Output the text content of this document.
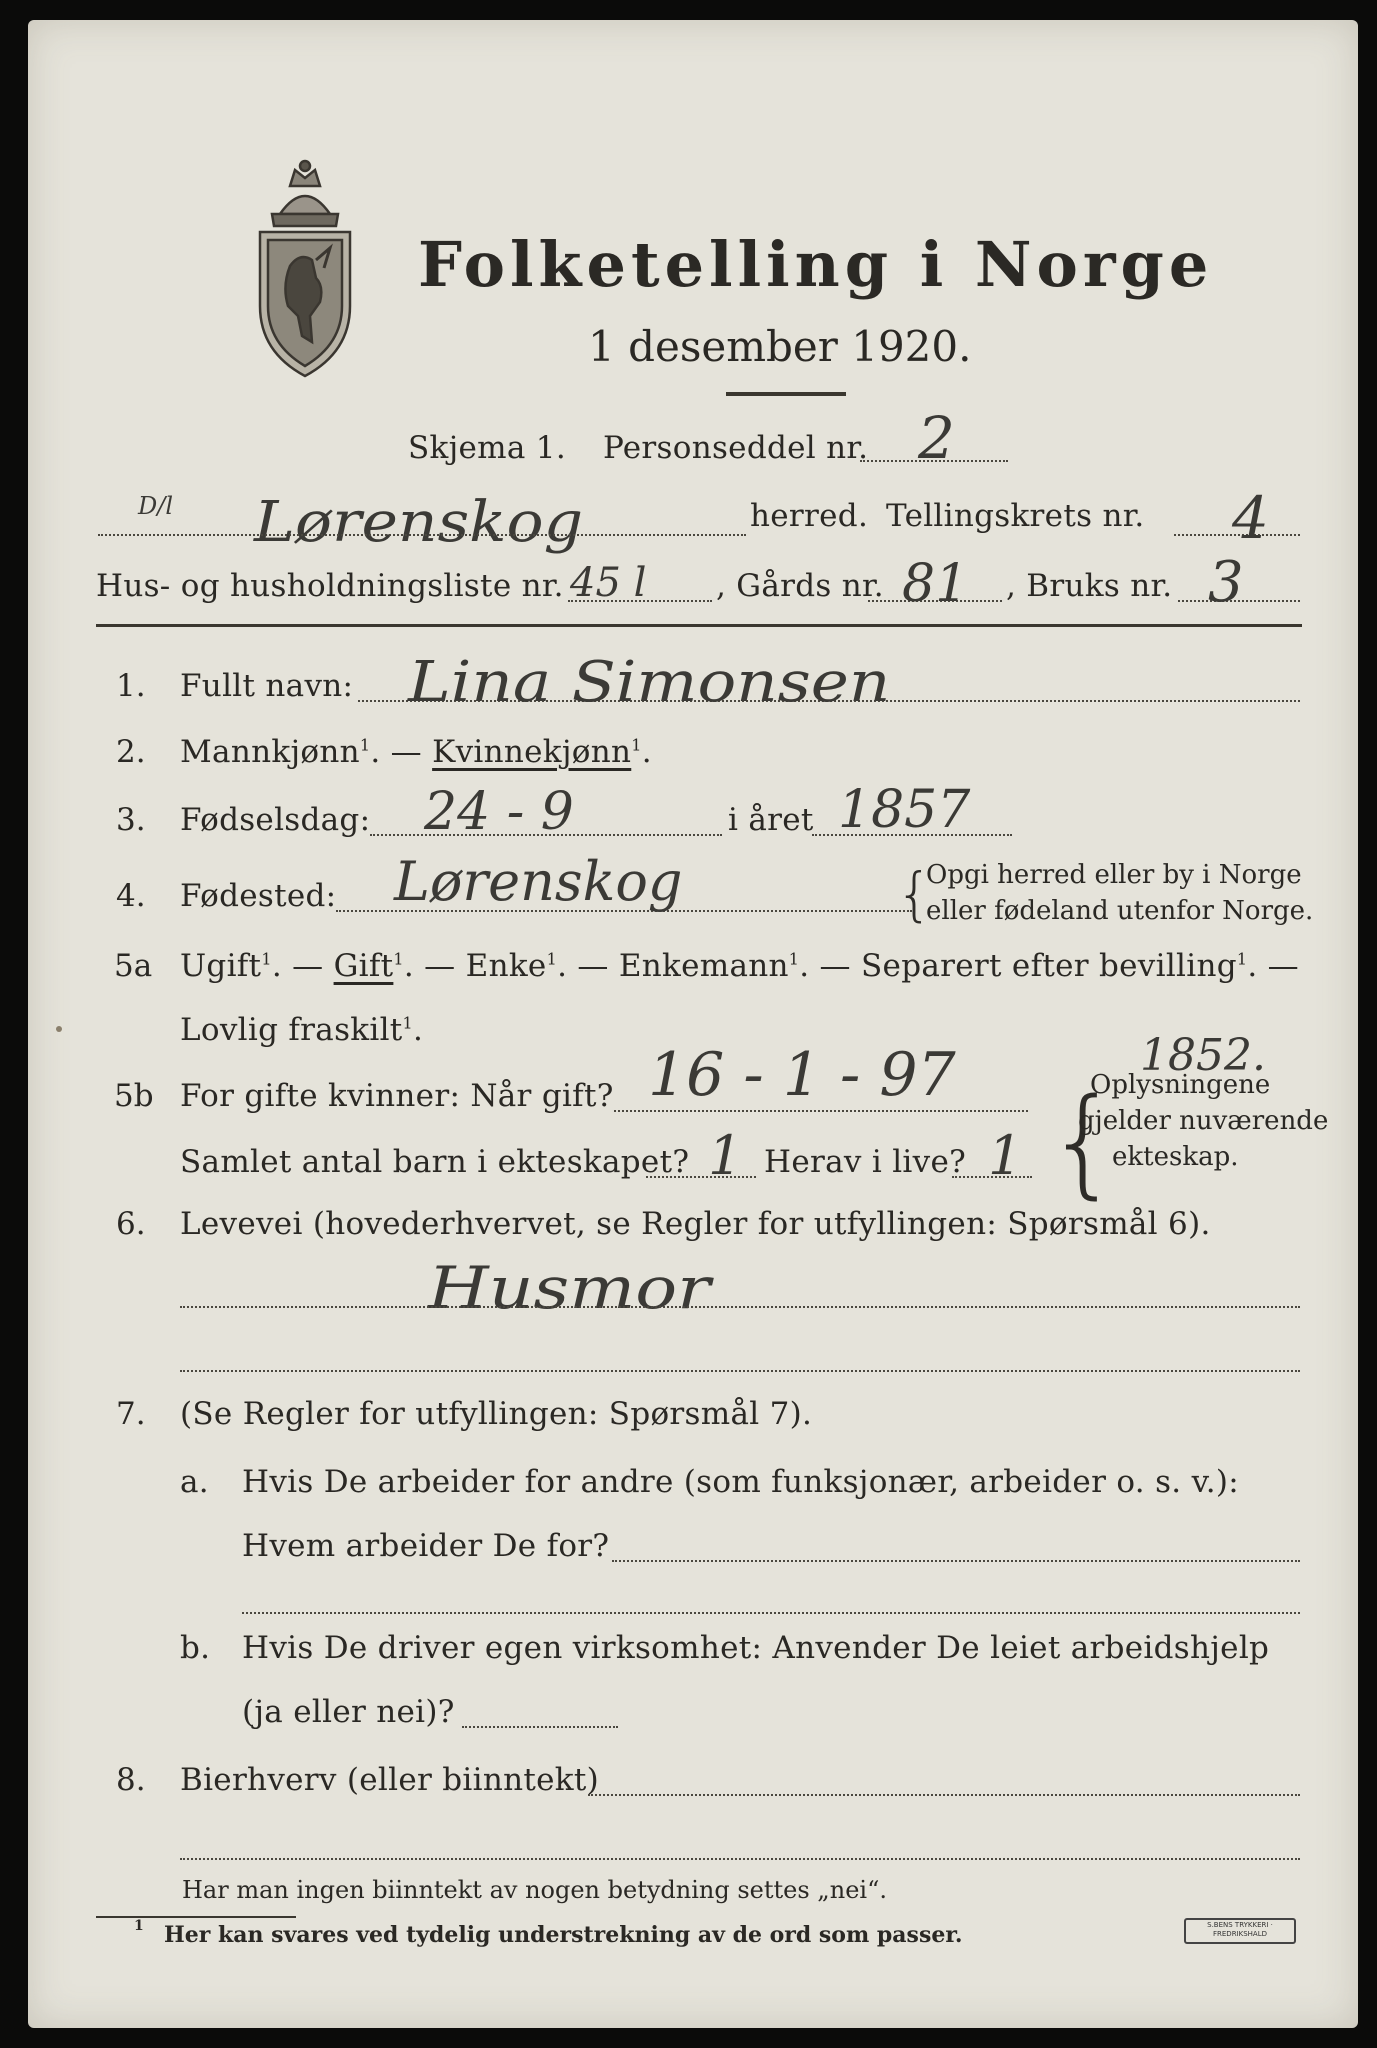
Folketelling i Norge
1 desember 1920.
Skjema 1. Personseddel nr. 2
D/l Lørenskog	herred. Tellingskrets nr. 4
Hus- og husholdningsliste nr. 45 l , Gårds nr. 81 , Bruks nr. 3
1. Fullt navn: Lina Simonsen
2. Mannkjønn$^1$. — Kvinnekjønn$^1$.
3. Fødselsdag: 24 - 9	i året 1857
4. Fødested: Lørenskog	{
Opgi herred eller by i Norge
eller fødeland utenfor Norge.
5a Ugift$^1$. — Gift$^1$. — Enke$^1$. — Enkemann$^1$. — Separert efter bevilling$^1$. —
Lovlig fraskilt$^1$.	1852.
5b For gifte kvinner: Når gift? 16 - 1 - 97
Samlet antal barn i ekteskapet? 1 Herav i live? 1 {
Oplysningene
gjelder nuværende
ekteskap.
6. Levevei (hovederhvervet, se Regler for utfyllingen: Spørsmål 6).
Husmor
7. (Se Regler for utfyllingen: Spørsmål 7).
a. Hvis De arbeider for andre (som funksjonær, arbeider o. s. v.):
Hvem arbeider De for?
b. Hvis De driver egen virksomhet: Anvender De leiet arbeidshjelp
(ja eller nei)?
8. Bierhverv (eller biinntekt)
Har man ingen biinntekt av nogen betydning settes „nei“.
1 Her kan svares ved tydelig understrekning av de ord som passer.	S.BENS TRYKKERI · FREDRIKSHALD
